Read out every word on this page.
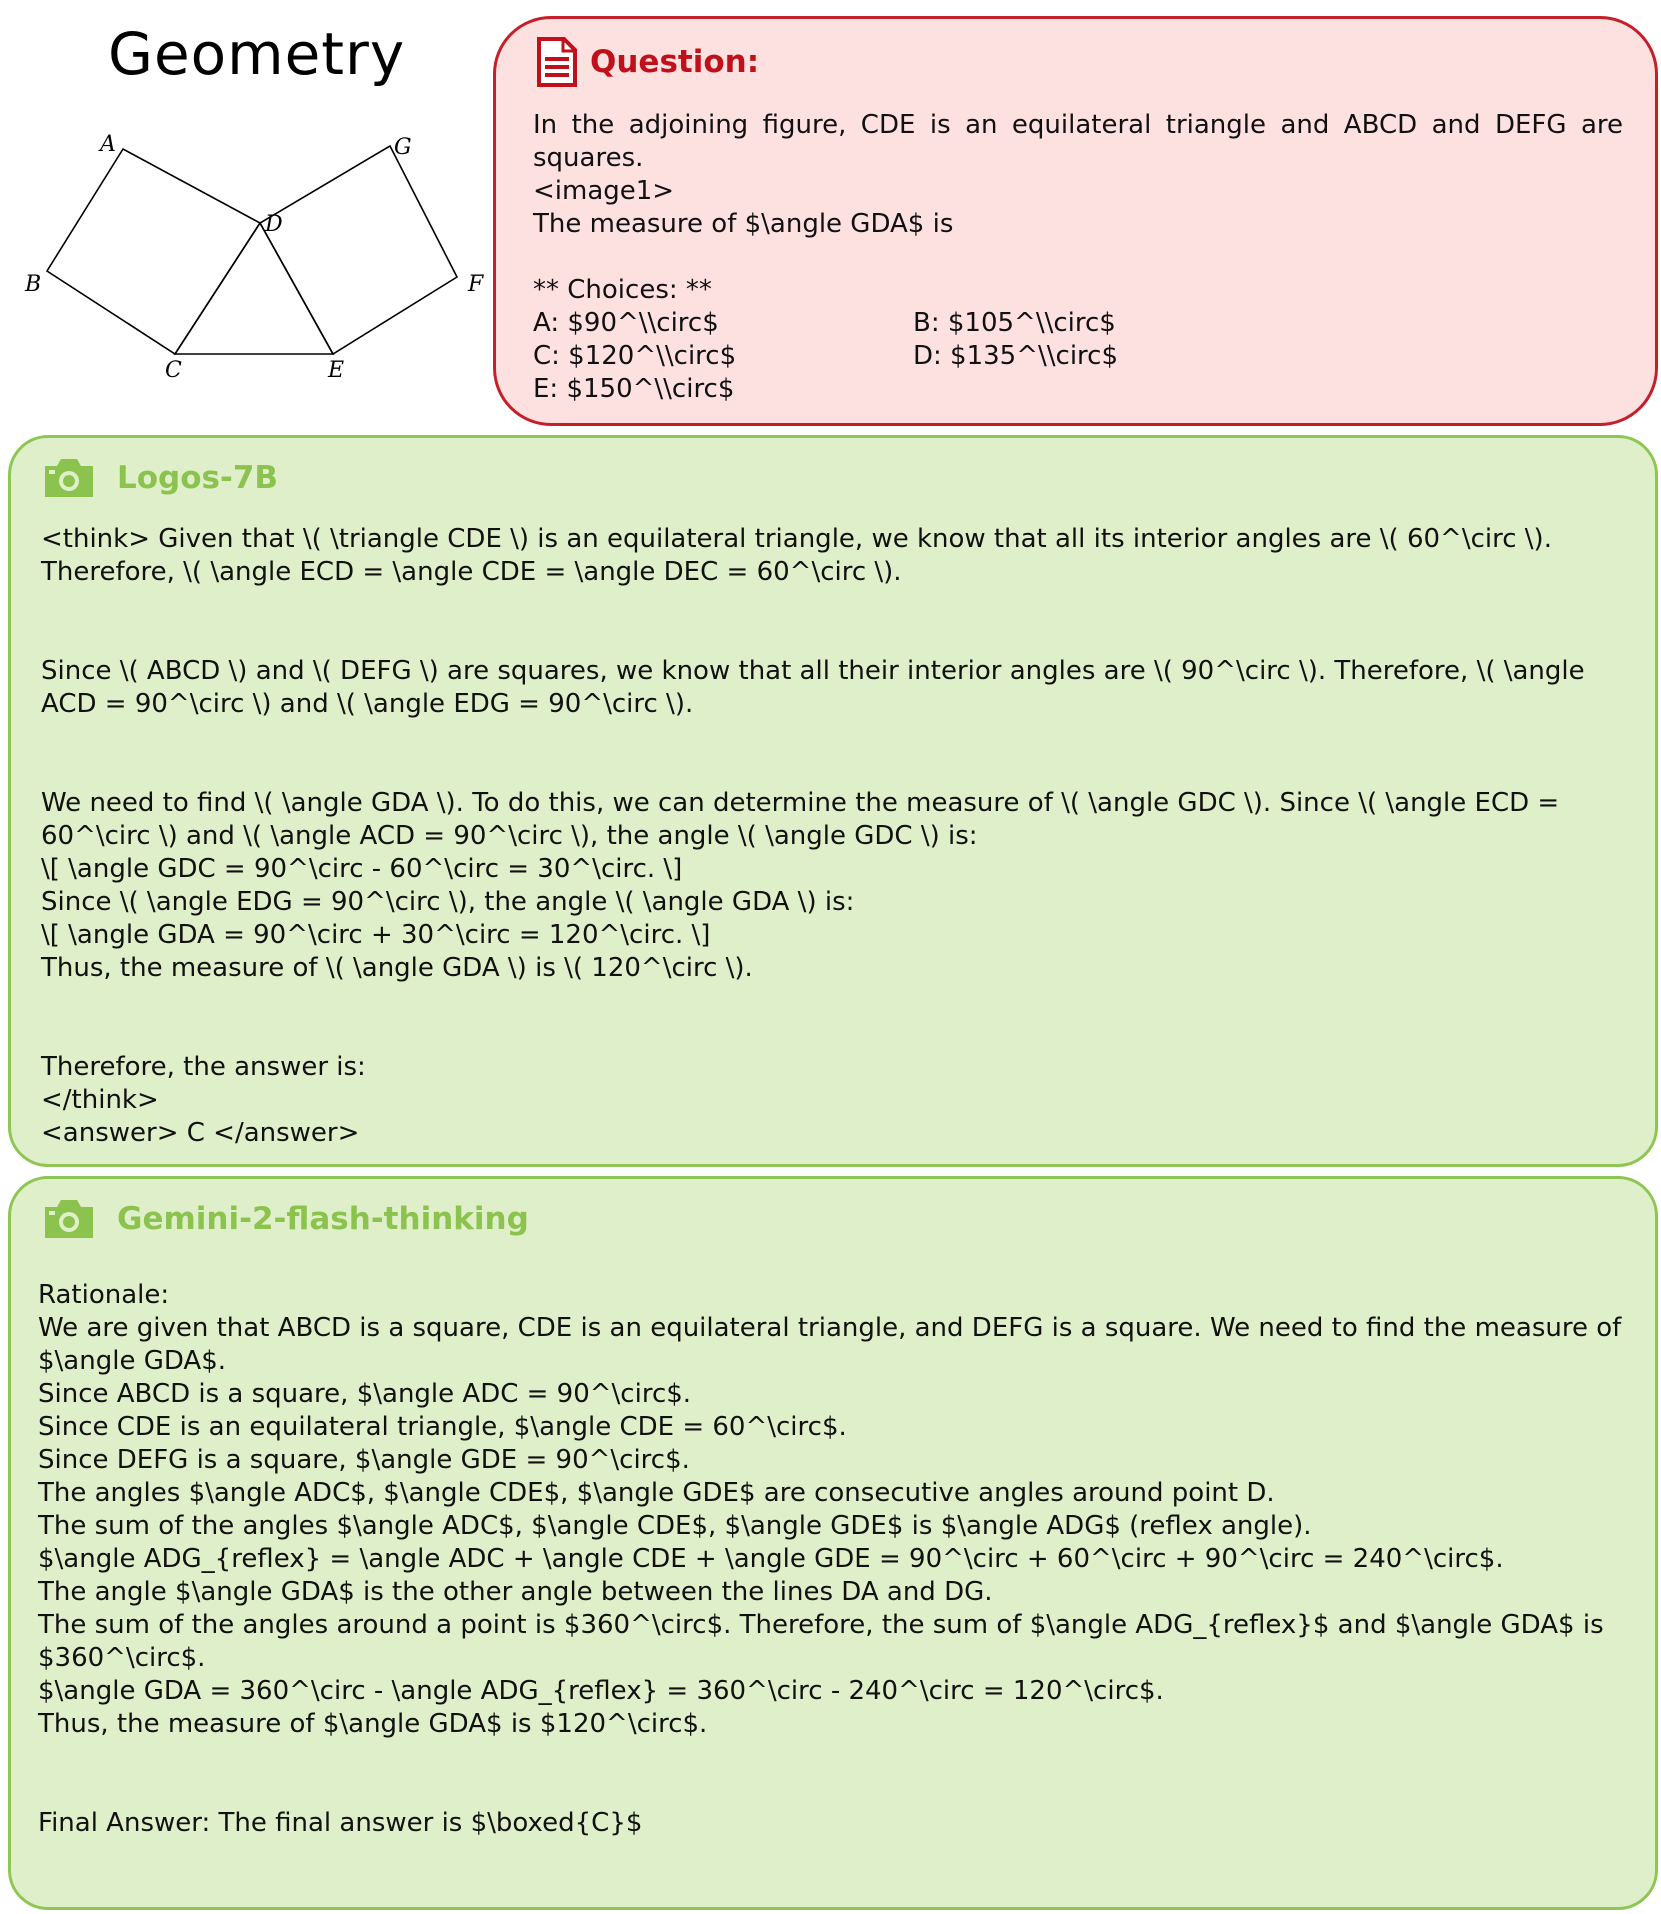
Geometry
A
B
C
D
E
F
G
Question:
In the adjoining figure, CDE is an equilateral triangle and ABCD and DEFG are squares.
<image1>
The measure of $\angle GDA$ is
** Choices: **
A: $90^\\circ$	B: $105^\\circ$
C: $120^\\circ$	D: $135^\\circ$
E: $150^\\circ$
Logos-7B
<think> Given that \( \triangle CDE \) is an equilateral triangle, we know that all its interior angles are \( 60^\circ \).
Therefore, \( \angle ECD = \angle CDE = \angle DEC = 60^\circ \).
Since \( ABCD \) and \( DEFG \) are squares, we know that all their interior angles are \( 90^\circ \). Therefore, \( \angle ACD = 90^\circ \) and \( \angle EDG = 90^\circ \).
We need to find \( \angle GDA \). To do this, we can determine the measure of \( \angle GDC \). Since \( \angle ECD = 60^\circ \) and \( \angle ACD = 90^\circ \), the angle \( \angle GDC \) is:
\[ \angle GDC = 90^\circ - 60^\circ = 30^\circ. \]
Since \( \angle EDG = 90^\circ \), the angle \( \angle GDA \) is:
\[ \angle GDA = 90^\circ + 30^\circ = 120^\circ. \]
Thus, the measure of \( \angle GDA \) is \( 120^\circ \).
Therefore, the answer is:
</think>
<answer> C </answer>
Gemini-2-flash-thinking
Rationale:
We are given that ABCD is a square, CDE is an equilateral triangle, and DEFG is a square. We need to find the measure of $\angle GDA$.
Since ABCD is a square, $\angle ADC = 90^\circ$.
Since CDE is an equilateral triangle, $\angle CDE = 60^\circ$.
Since DEFG is a square, $\angle GDE = 90^\circ$.
The angles $\angle ADC$, $\angle CDE$, $\angle GDE$ are consecutive angles around point D.
The sum of the angles $\angle ADC$, $\angle CDE$, $\angle GDE$ is $\angle ADG$ (reflex angle).
$\angle ADG_{reflex} = \angle ADC + \angle CDE + \angle GDE = 90^\circ + 60^\circ + 90^\circ = 240^\circ$.
The angle $\angle GDA$ is the other angle between the lines DA and DG.
The sum of the angles around a point is $360^\circ$. Therefore, the sum of $\angle ADG_{reflex}$ and $\angle GDA$ is $360^\circ$.
$\angle GDA = 360^\circ - \angle ADG_{reflex} = 360^\circ - 240^\circ = 120^\circ$.
Thus, the measure of $\angle GDA$ is $120^\circ$.
Final Answer: The final answer is $\boxed{C}$
